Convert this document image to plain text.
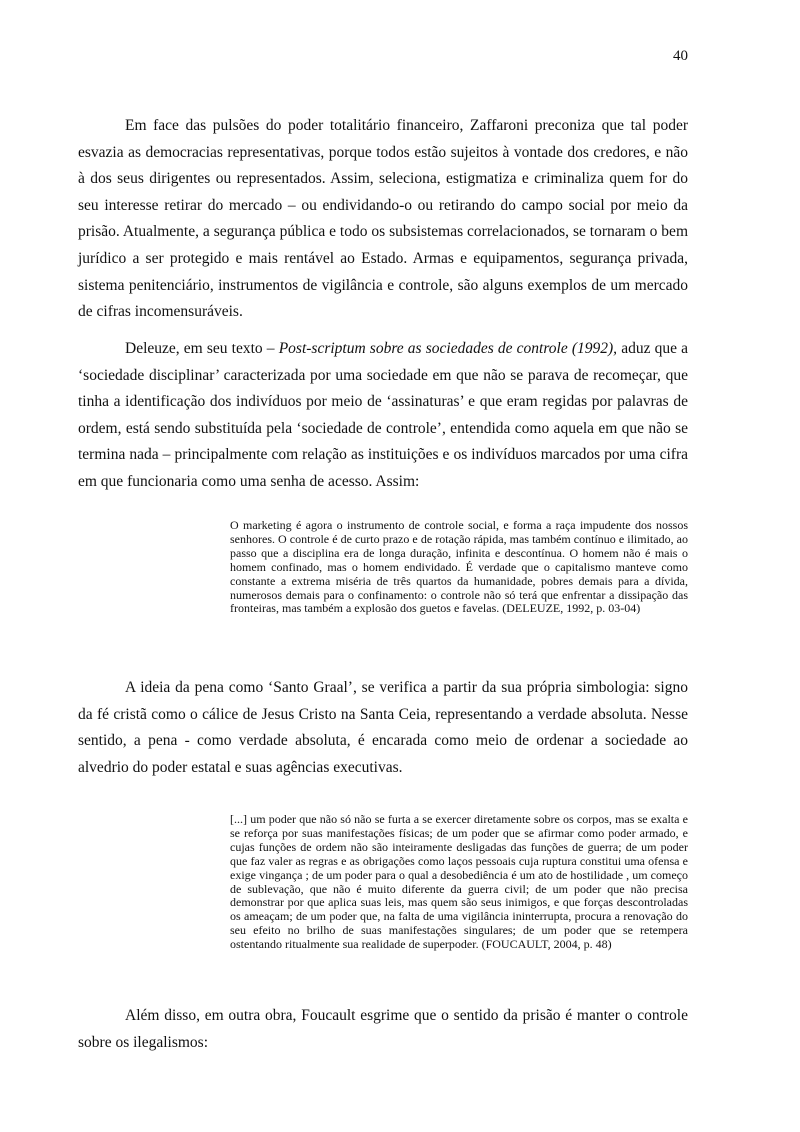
40

Em face das pulsões do poder totalitário financeiro, Zaffaroni preconiza que tal poder esvazia as democracias representativas, porque todos estão sujeitos à vontade dos credores, e não à dos seus dirigentes ou representados. Assim, seleciona, estigmatiza e criminaliza quem for do seu interesse retirar do mercado – ou endividando-o ou retirando do campo social por meio da prisão. Atualmente, a segurança pública e todo os subsistemas correlacionados, se tornaram o bem jurídico a ser protegido e mais rentável ao Estado. Armas e equipamentos, segurança privada, sistema penitenciário, instrumentos de vigilância e controle, são alguns exemplos de um mercado de cifras incomensuráveis.

Deleuze, em seu texto – Post-scriptum sobre as sociedades de controle (1992), aduz que a ‘sociedade disciplinar’ caracterizada por uma sociedade em que não se parava de recomeçar, que tinha a identificação dos indivíduos por meio de ‘assinaturas’ e que eram regidas por palavras de ordem, está sendo substituída pela ‘sociedade de controle’, entendida como aquela em que não se termina nada – principalmente com relação as instituições e os indivíduos marcados por uma cifra em que funcionaria como uma senha de acesso. Assim:

O marketing é agora o instrumento de controle social, e forma a raça impudente dos nossos senhores. O controle é de curto prazo e de rotação rápida, mas também contínuo e ilimitado, ao passo que a disciplina era de longa duração, infinita e descontínua. O homem não é mais o homem confinado, mas o homem endividado. É verdade que o capitalismo manteve como constante a extrema miséria de três quartos da humanidade, pobres demais para a dívida, numerosos demais para o confinamento: o controle não só terá que enfrentar a dissipação das fronteiras, mas também a explosão dos guetos e favelas. (DELEUZE, 1992, p. 03-04)

A ideia da pena como ‘Santo Graal’, se verifica a partir da sua própria simbologia: signo da fé cristã como o cálice de Jesus Cristo na Santa Ceia, representando a verdade absoluta. Nesse sentido, a pena - como verdade absoluta, é encarada como meio de ordenar a sociedade ao alvedrio do poder estatal e suas agências executivas.

[...] um poder que não só não se furta a se exercer diretamente sobre os corpos, mas se exalta e se reforça por suas manifestações físicas; de um poder que se afirmar como poder armado, e cujas funções de ordem não são inteiramente desligadas das funções de guerra; de um poder que faz valer as regras e as obrigações como laços pessoais cuja ruptura constitui uma ofensa e exige vingança ; de um poder para o qual a desobediência é um ato de hostilidade , um começo de sublevação, que não é muito diferente da guerra civil; de um poder que não precisa demonstrar por que aplica suas leis, mas quem são seus inimigos, e que forças descontroladas os ameaçam; de um poder que, na falta de uma vigilância ininterrupta, procura a renovação do seu efeito no brilho de suas manifestações singulares; de um poder que se retempera ostentando ritualmente sua realidade de superpoder. (FOUCAULT, 2004, p. 48)

Além disso, em outra obra, Foucault esgrime que o sentido da prisão é manter o controle sobre os ilegalismos:
